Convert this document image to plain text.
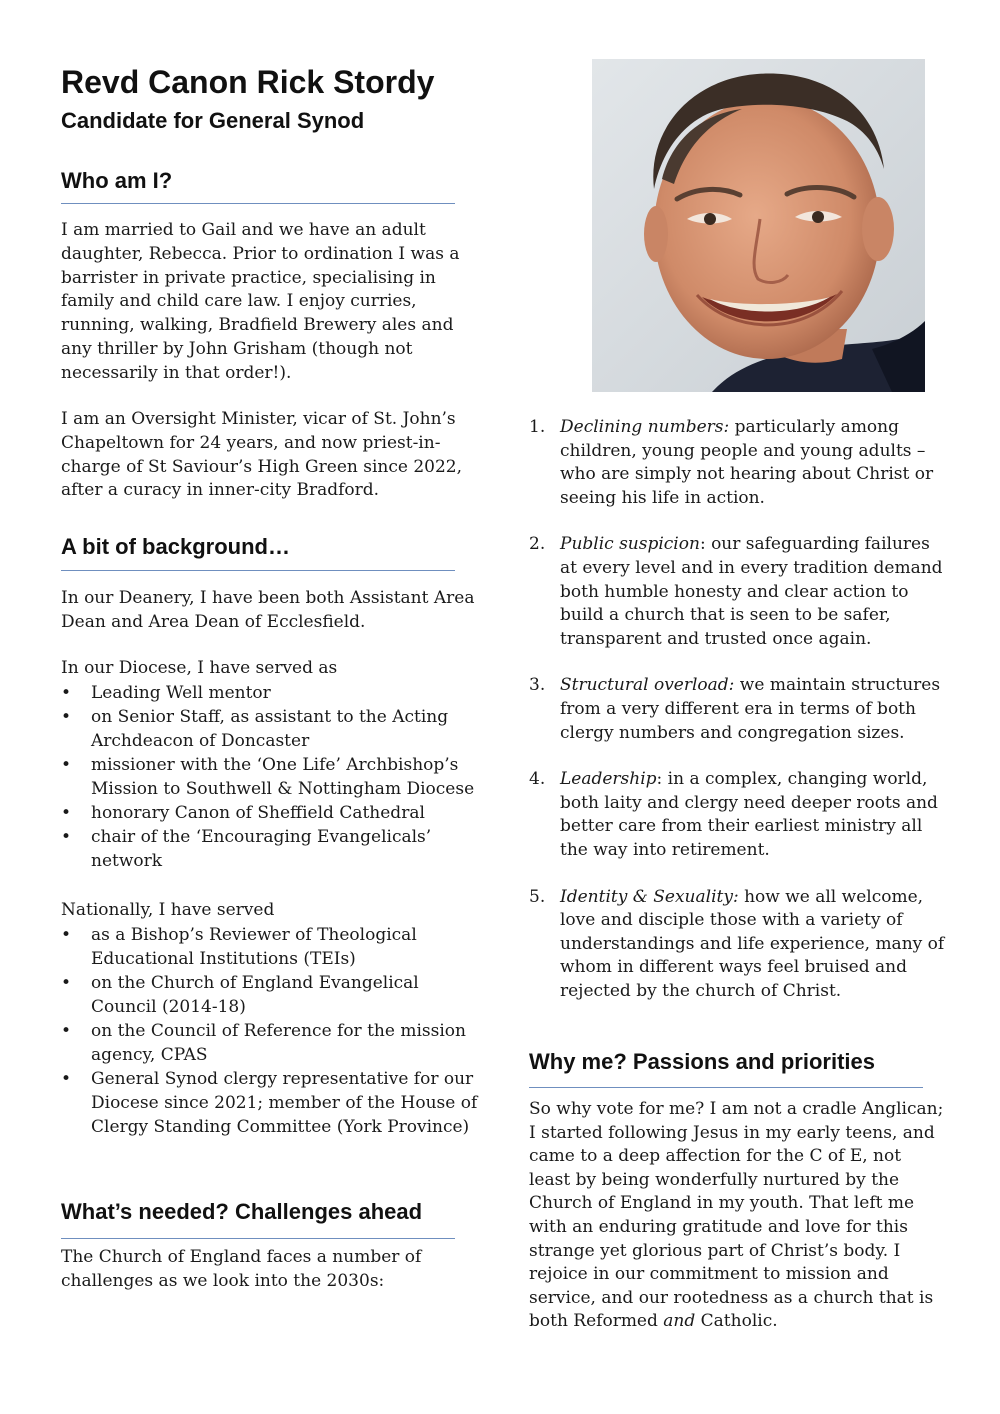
Revd Canon Rick Stordy
Candidate for General Synod
Who am I?

I am married to Gail and we have an adult daughter, Rebecca. Prior to ordination I was a barrister in private practice, specialising in family and child care law. I enjoy curries, running, walking, Bradfield Brewery ales and any thriller by John Grisham (though not necessarily in that order!).

I am an Oversight Minister, vicar of St. John’s Chapeltown for 24 years, and now priest-in-charge of St Saviour’s High Green since 2022, after a curacy in inner-city Bradford.

A bit of background…

In our Deanery, I have been both Assistant Area Dean and Area Dean of Ecclesfield.

In our Diocese, I have served as

• Leading Well mentor
• on Senior Staff, as assistant to the Acting Archdeacon of Doncaster
• missioner with the ‘One Life’ Archbishop’s Mission to Southwell & Nottingham Diocese
• honorary Canon of Sheffield Cathedral
• chair of the ‘Encouraging Evangelicals’ network

Nationally, I have served

• as a Bishop’s Reviewer of Theological Educational Institutions (TEIs)
• on the Church of England Evangelical Council (2014-18)
• on the Council of Reference for the mission agency, CPAS
• General Synod clergy representative for our Diocese since 2021; member of the House of Clergy Standing Committee (York Province)
What’s needed? Challenges ahead

The Church of England faces a number of challenges as we look into the 2030s:

1. Declining numbers: particularly among children, young people and young adults – who are simply not hearing about Christ or seeing his life in action.
2. Public suspicion: our safeguarding failures at every level and in every tradition demand both humble honesty and clear action to build a church that is seen to be safer, transparent and trusted once again.
3. Structural overload: we maintain structures from a very different era in terms of both clergy numbers and congregation sizes.
4. Leadership: in a complex, changing world, both laity and clergy need deeper roots and better care from their earliest ministry all the way into retirement.
5. Identity & Sexuality: how we all welcome, love and disciple those with a variety of understandings and life experience, many of whom in different ways feel bruised and rejected by the church of Christ.
Why me? Passions and priorities

So why vote for me? I am not a cradle Anglican; I started following Jesus in my early teens, and came to a deep affection for the C of E, not least by being wonderfully nurtured by the Church of England in my youth. That left me with an enduring gratitude and love for this strange yet glorious part of Christ’s body. I rejoice in our commitment to mission and service, and our rootedness as a church that is both Reformed and Catholic.
